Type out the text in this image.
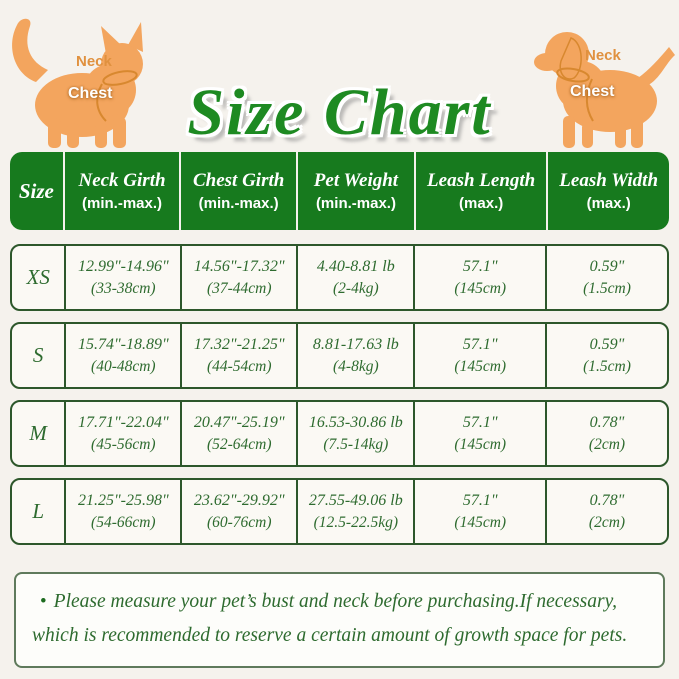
Neck
Chest
Neck
Chest
Size Chart
Size Neck Girth
(min.-max.)
Chest Girth
(min.-max.)
Pet Weight
(min.-max.)
Leash Length
(max.)
Leash Width
(max.)
XS 12.99"-14.96"
(33-38cm)
14.56"-17.32"
(37-44cm)
4.40-8.81 lb
(2-4kg)
57.1"
(145cm)
0.59"
(1.5cm)
S 15.74"-18.89"
(40-48cm)
17.32"-21.25"
(44-54cm)
8.81-17.63 lb
(4-8kg)
57.1"
(145cm)
0.59"
(1.5cm)
M 17.71"-22.04"
(45-56cm)
20.47"-25.19"
(52-64cm)
16.53-30.86 lb
(7.5-14kg)
57.1"
(145cm)
0.78"
(2cm)
L 21.25"-25.98"
(54-66cm)
23.62"-29.92"
(60-76cm)
27.55-49.06 lb
(12.5-22.5kg)
57.1"
(145cm)
0.78"
(2cm)
• Please measure your pet’s bust and neck before purchasing.If necessary,
which is recommended to reserve a certain amount of growth space for pets.
